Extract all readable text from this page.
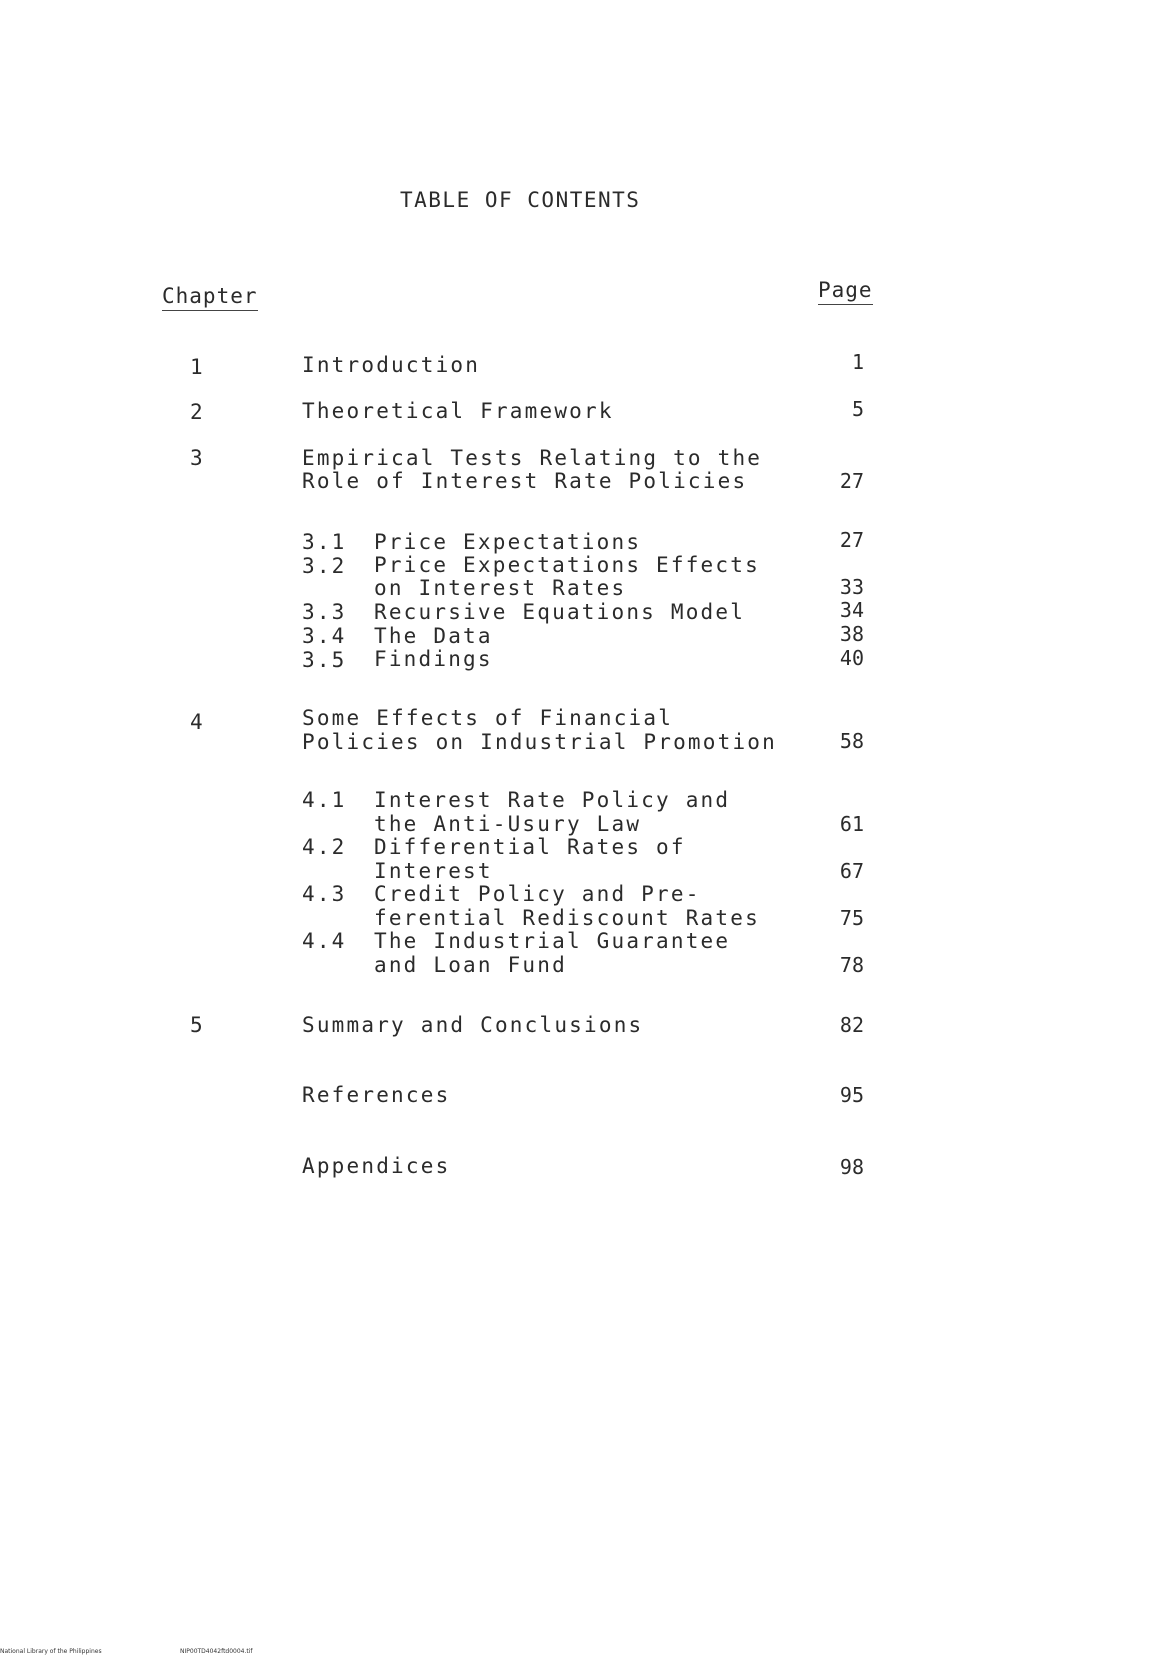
TABLE OF CONTENTS
Chapter	Page
1	Introduction	1
2	Theoretical Framework	5
3	Empirical Tests Relating to the
Role of Interest Rate Policies	27
3.1 Price Expectations	27
3.2 Price Expectations Effects
on Interest Rates	33
3.3 Recursive Equations Model	34
3.4 The Data	38
3.5 Findings	40
4	Some Effects of Financial
Policies on Industrial Promotion	58
4.1 Interest Rate Policy and
the Anti-Usury Law	61
4.2 Differential Rates of
Interest	67
4.3 Credit Policy and Pre-
ferential Rediscount Rates	75
4.4 The Industrial Guarantee
and Loan Fund	78
5	Summary and Conclusions	82
References	95
Appendices	98
National Library of the Philippines	NIP00TD4042ftd0004.tif
